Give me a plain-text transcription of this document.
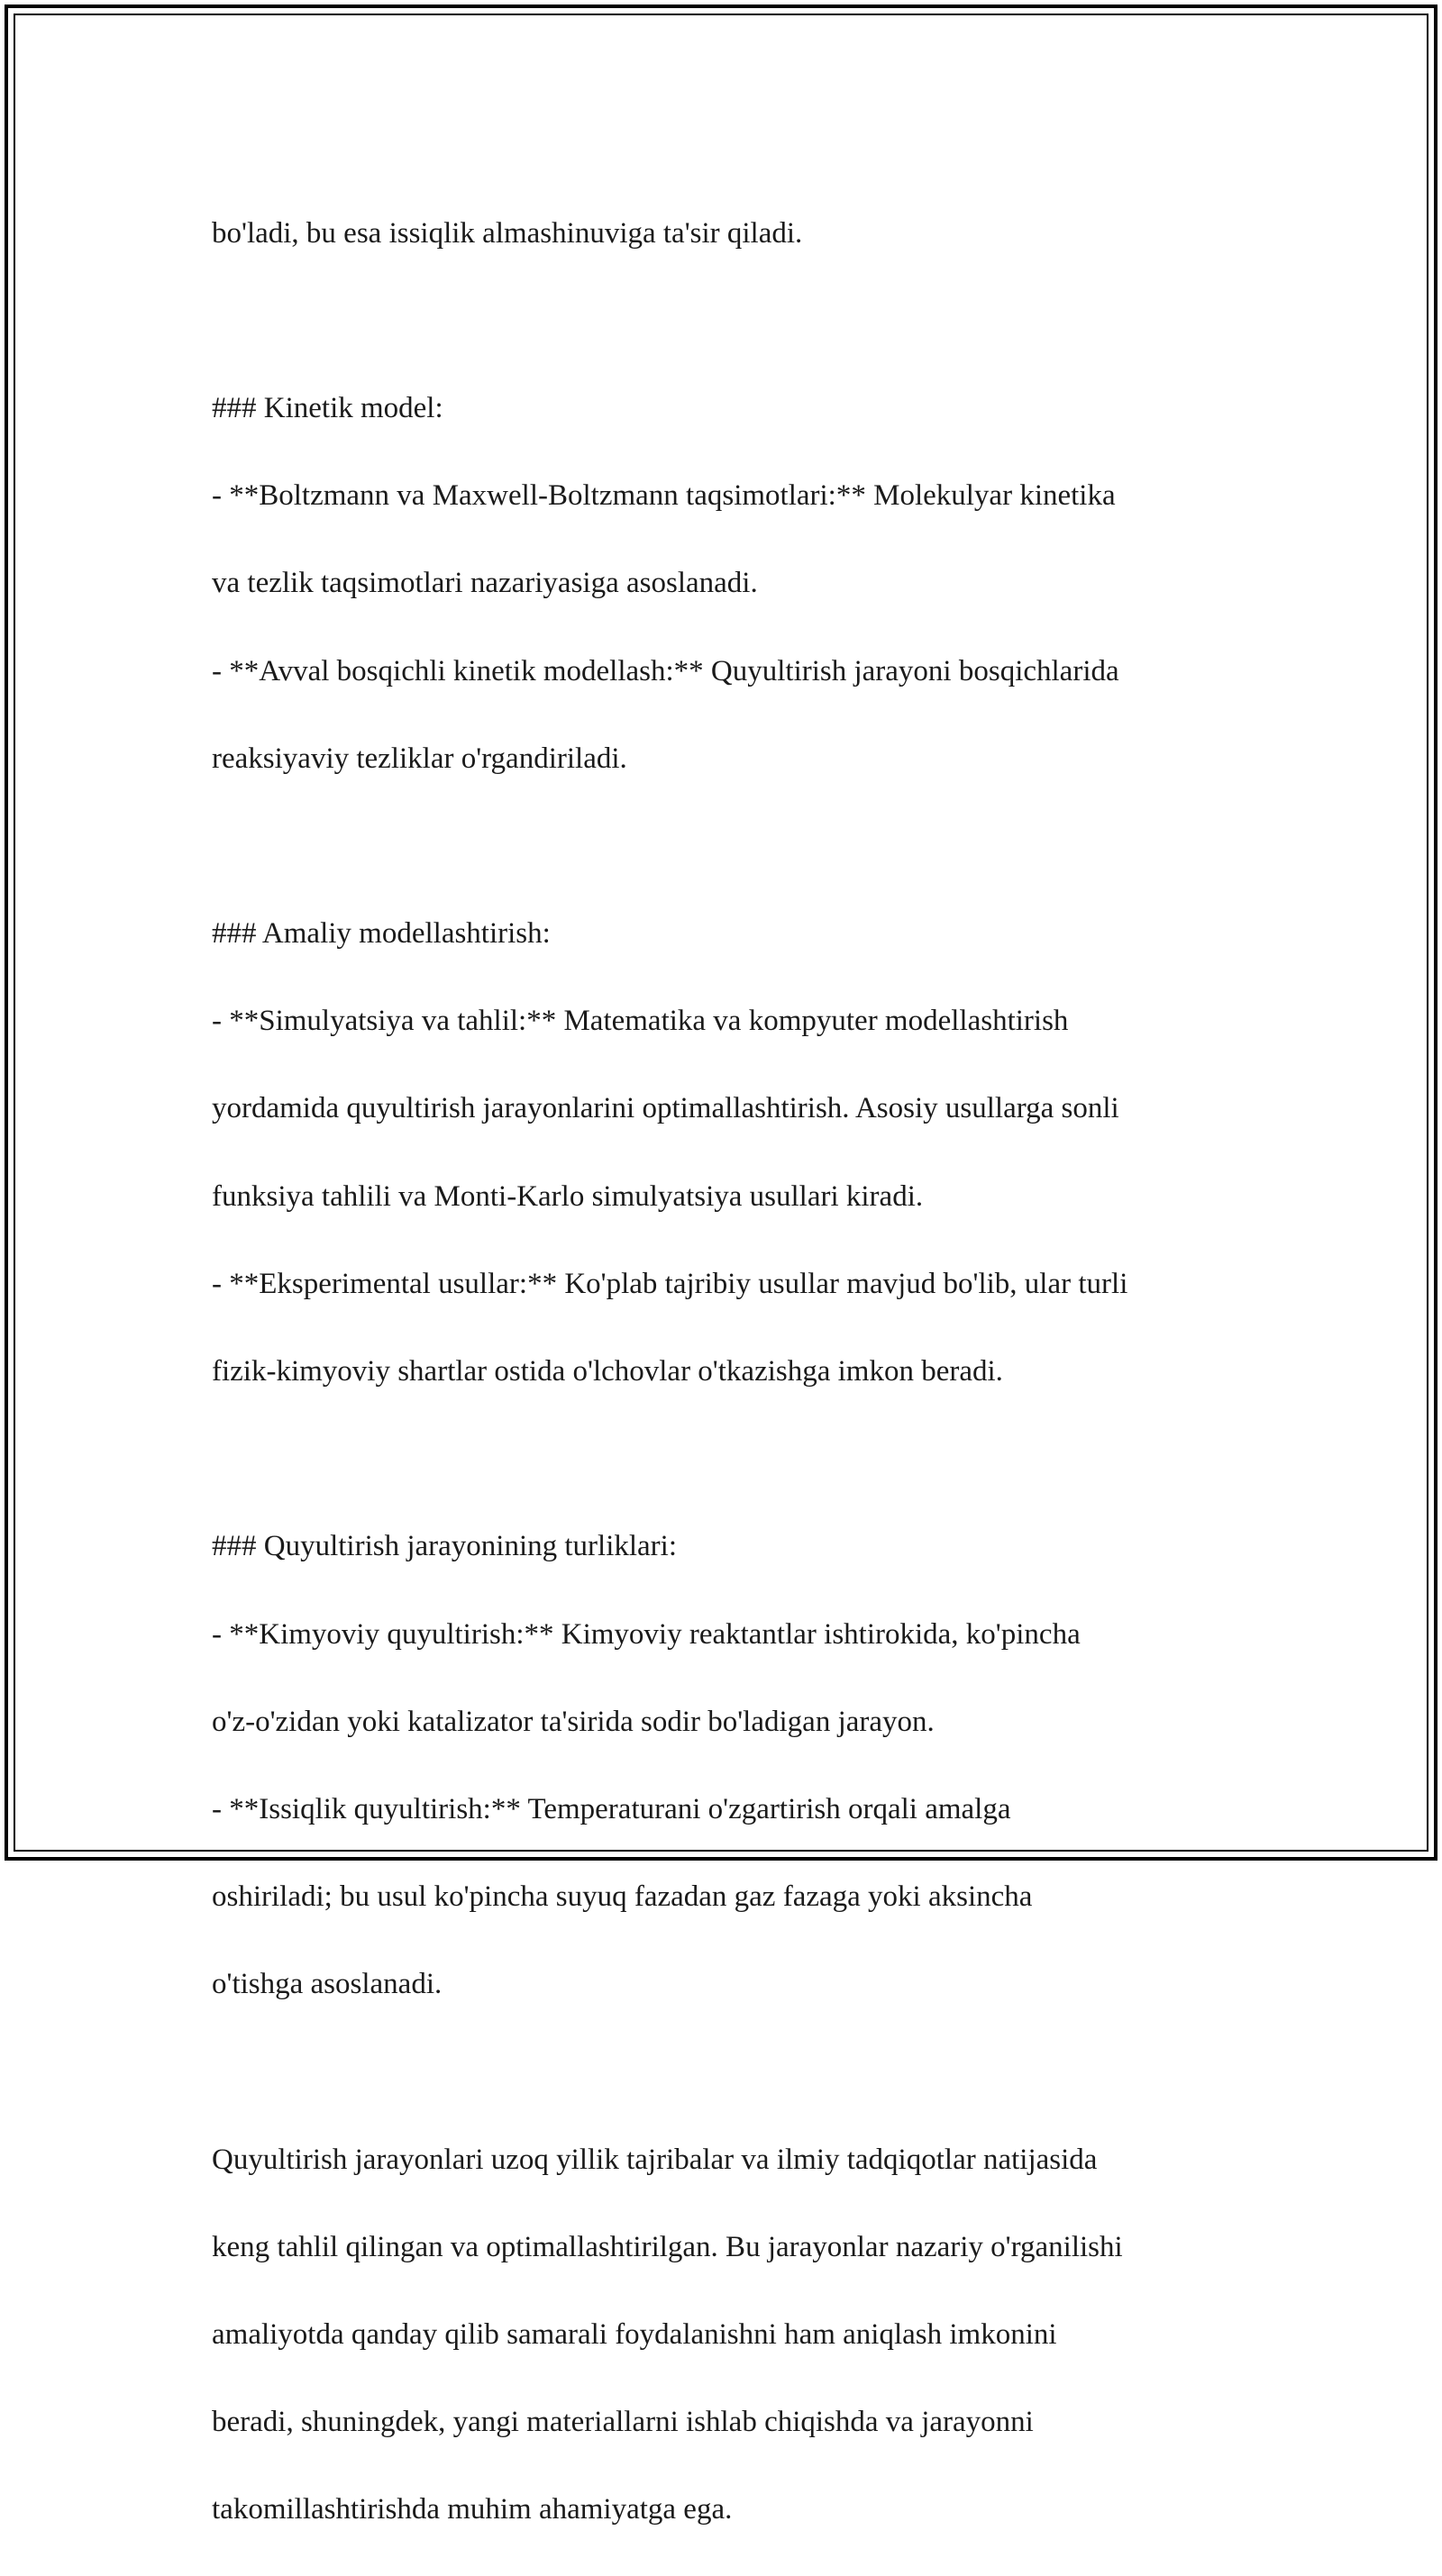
bo'ladi, bu esa issiqlik almashinuviga ta'sir qiladi.

### Kinetik model:

- **Boltzmann va Maxwell-Boltzmann taqsimotlari:** Molekulyar kinetika

va tezlik taqsimotlari nazariyasiga asoslanadi.

- **Avval bosqichli kinetik modellash:** Quyultirish jarayoni bosqichlarida

reaksiyaviy tezliklar o'rgandiriladi.

### Amaliy modellashtirish:

- **Simulyatsiya va tahlil:** Matematika va kompyuter modellashtirish

yordamida quyultirish jarayonlarini optimallashtirish. Asosiy usullarga sonli

funksiya tahlili va Monti-Karlo simulyatsiya usullari kiradi.

- **Eksperimental usullar:** Ko'plab tajribiy usullar mavjud bo'lib, ular turli

fizik-kimyoviy shartlar ostida o'lchovlar o'tkazishga imkon beradi.

### Quyultirish jarayonining turliklari:

- **Kimyoviy quyultirish:** Kimyoviy reaktantlar ishtirokida, ko'pincha

o'z-o'zidan yoki katalizator ta'sirida sodir bo'ladigan jarayon.

- **Issiqlik quyultirish:** Temperaturani o'zgartirish orqali amalga

oshiriladi; bu usul ko'pincha suyuq fazadan gaz fazaga yoki aksincha

o'tishga asoslanadi.

Quyultirish jarayonlari uzoq yillik tajribalar va ilmiy tadqiqotlar natijasida

keng tahlil qilingan va optimallashtirilgan. Bu jarayonlar nazariy o'rganilishi

amaliyotda qanday qilib samarali foydalanishni ham aniqlash imkonini

beradi, shuningdek, yangi materiallarni ishlab chiqishda va jarayonni

takomillashtirishda muhim ahamiyatga ega.
